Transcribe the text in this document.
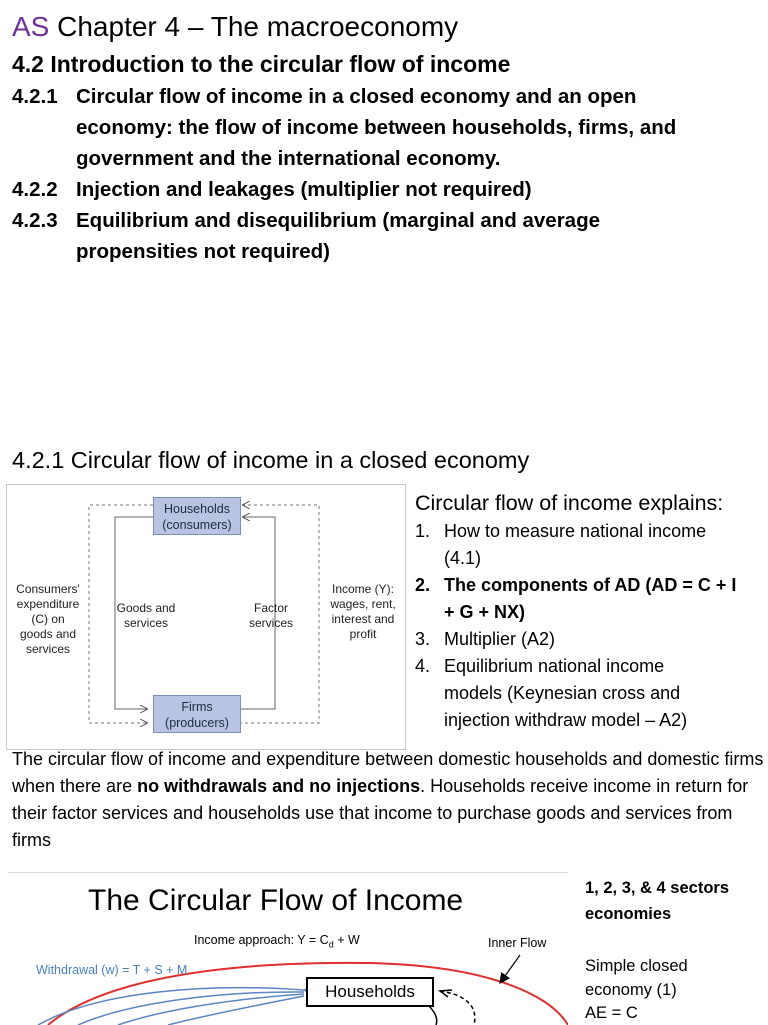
AS Chapter 4 – The macroeconomy
4.2 Introduction to the circular flow of income
4.2.1 Circular flow of income in a closed economy and an open
economy: the flow of income between households, firms, and
government and the international economy.
4.2.2 Injection and leakages (multiplier not required)
4.2.3 Equilibrium and disequilibrium (marginal and average
propensities not required)
4.2.1 Circular flow of income in a closed economy
Households
(consumers)
Firms
(producers)
Consumers'
expenditure
(C) on
goods and
services
Goods and
services
Factor
services
Income (Y):
wages, rent,
interest and
profit
Circular flow of income explains:
1. How to measure national income
(4.1)
2. The components of AD (AD = C + I
+ G + NX)
3. Multiplier (A2)
4. Equilibrium national income
models (Keynesian cross and
injection withdraw model – A2)
The circular flow of income and expenditure between domestic households and domestic firms when there are no withdrawals and no injections. Households receive income in return for their factor services and households use that income to purchase goods and services from firms
The Circular Flow of Income
Income approach: $Y = C_d + W$
Withdrawal (w) = T + S + M
Inner Flow
Households
1, 2, 3, & 4 sectors
economies
Simple closed
economy (1)
AE = C
